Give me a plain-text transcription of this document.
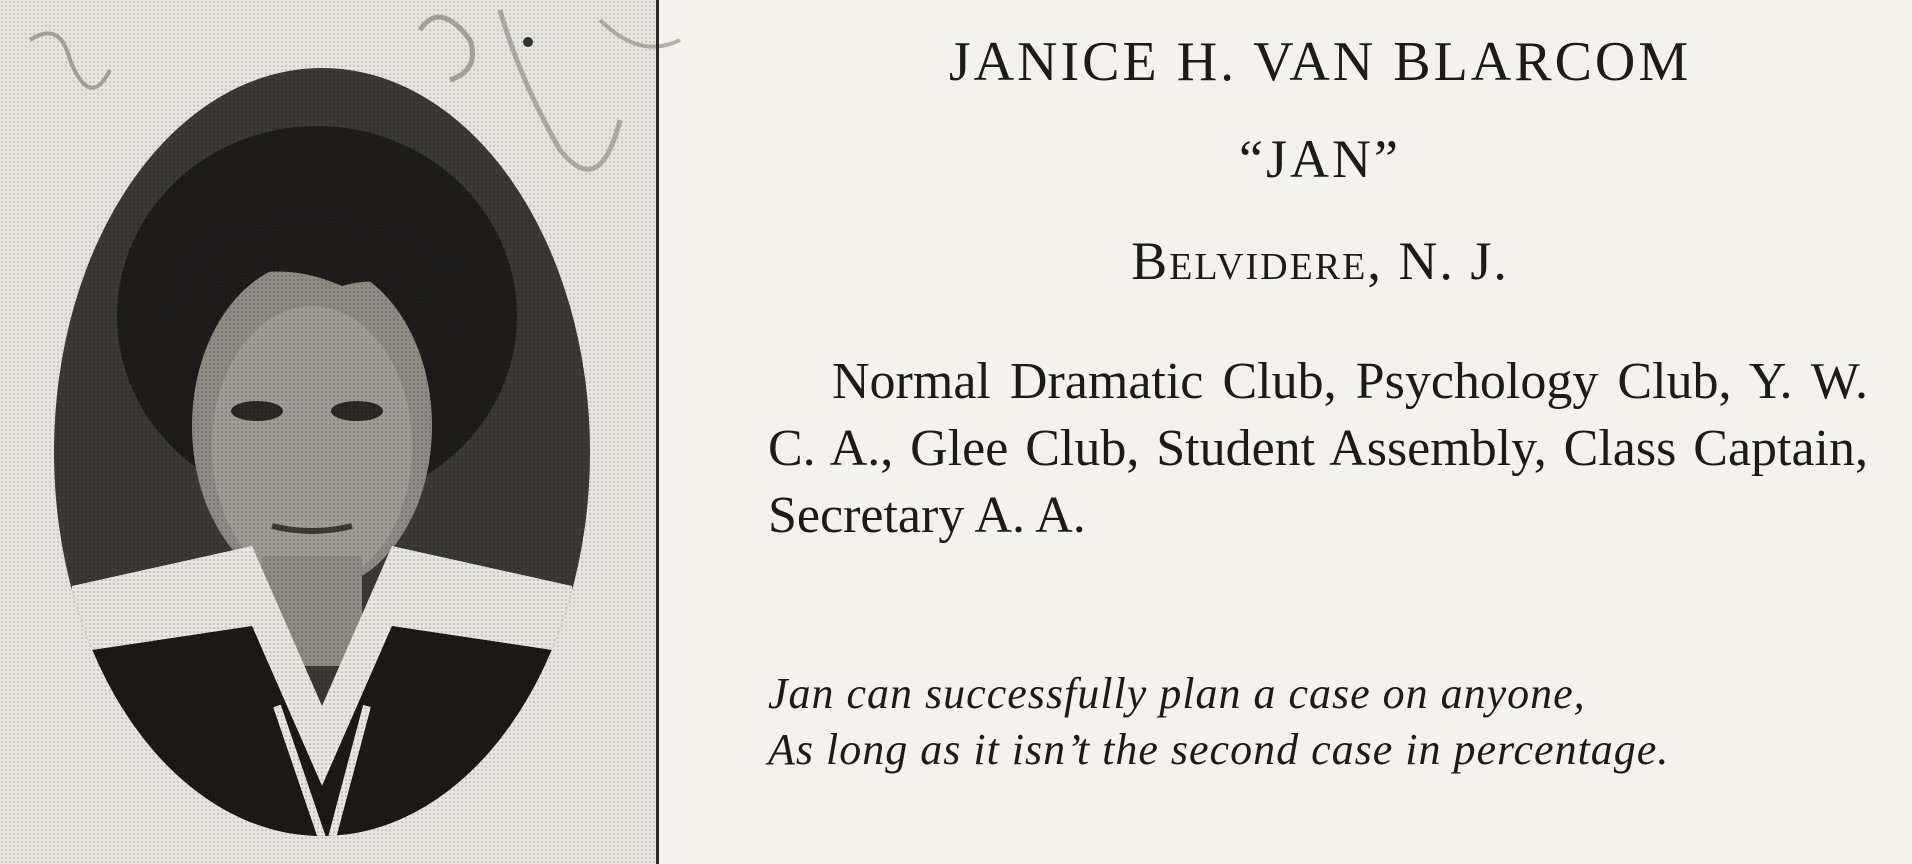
JANICE H. VAN BLARCOM
“JAN”
Belvidere, N. J.
Normal Dramatic Club, Psychology Club, Y. W. C. A., Glee Club, Student Assembly, Class Captain, Secretary A. A.
Jan can successfully plan a case on anyone,
As long as it isn’t the second case in percentage.
